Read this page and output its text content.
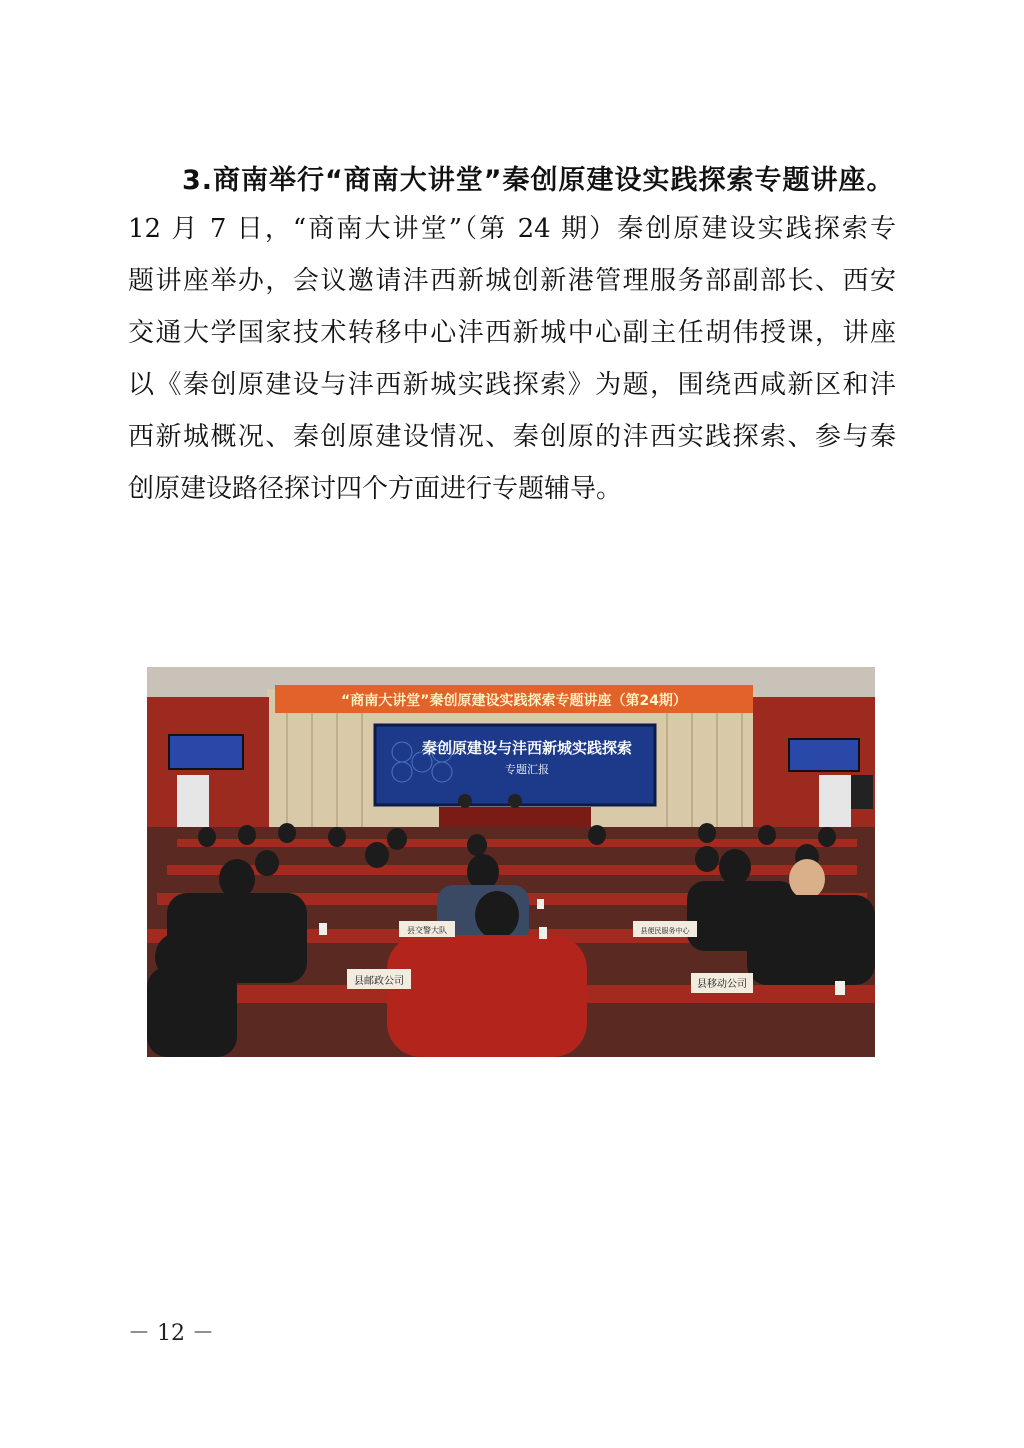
3.商南举行“商南大讲堂”秦创原建设实践探索专题讲座。

12 月 7 日，“商南大讲堂”（第 24 期）秦创原建设实践探索专

题讲座举办，会议邀请沣西新城创新港管理服务部副部长、西安

交通大学国家技术转移中心沣西新城中心副主任胡伟授课，讲座

以《秦创原建设与沣西新城实践探索》为题，围绕西咸新区和沣

西新城概况、秦创原建设情况、秦创原的沣西实践探索、参与秦

创原建设路径探讨四个方面进行专题辅导。

“商南大讲堂”秦创原建设实践探索专题讲座（第24期）
秦创原建设与沣西新城实践探索
专题汇报
县邮政公司	县移动公司
县交警大队	县便民服务中心

－ 12 －
